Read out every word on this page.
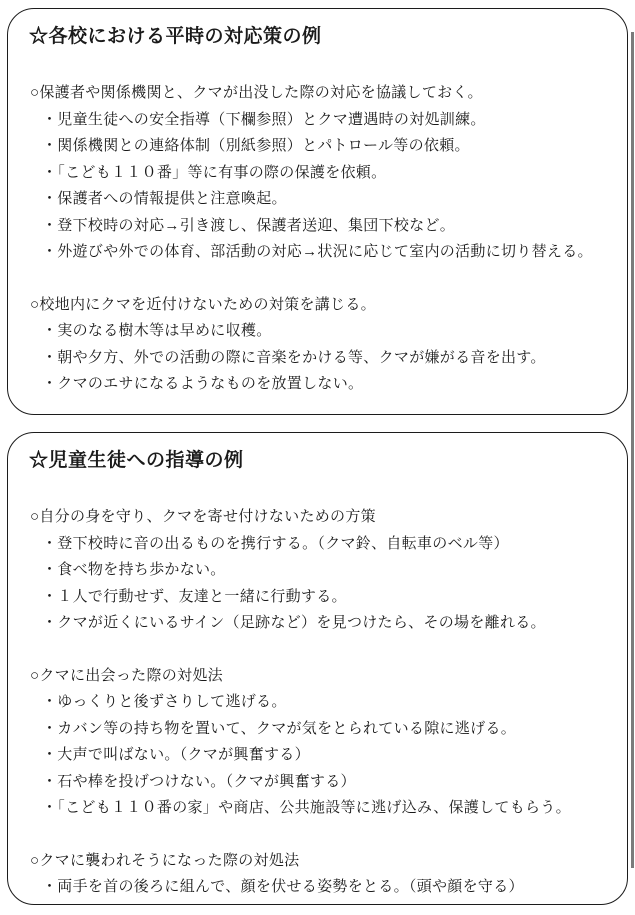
☆各校における平時の対応策の例
○保護者や関係機関と、クマが出没した際の対応を協議しておく。
・児童生徒への安全指導（下欄参照）とクマ遭遇時の対処訓練。
・関係機関との連絡体制（別紙参照）とパトロール等の依頼。
・「こども１１０番」等に有事の際の保護を依頼。
・保護者への情報提供と注意喚起。
・登下校時の対応→引き渡し、保護者送迎、集団下校など。
・外遊びや外での体育、部活動の対応→状況に応じて室内の活動に切り替える。
○校地内にクマを近付けないための対策を講じる。
・実のなる樹木等は早めに収穫。
・朝や夕方、外での活動の際に音楽をかける等、クマが嫌がる音を出す。
・クマのエサになるようなものを放置しない。
☆児童生徒への指導の例
○自分の身を守り、クマを寄せ付けないための方策
・登下校時に音の出るものを携行する。（クマ鈴、自転車のベル等）
・食べ物を持ち歩かない。
・１人で行動せず、友達と一緒に行動する。
・クマが近くにいるサイン（足跡など）を見つけたら、その場を離れる。
○クマに出会った際の対処法
・ゆっくりと後ずさりして逃げる。
・カバン等の持ち物を置いて、クマが気をとられている隙に逃げる。
・大声で叫ばない。（クマが興奮する）
・石や棒を投げつけない。（クマが興奮する）
・「こども１１０番の家」や商店、公共施設等に逃げ込み、保護してもらう。
○クマに襲われそうになった際の対処法
・両手を首の後ろに組んで、顔を伏せる姿勢をとる。（頭や顔を守る）
